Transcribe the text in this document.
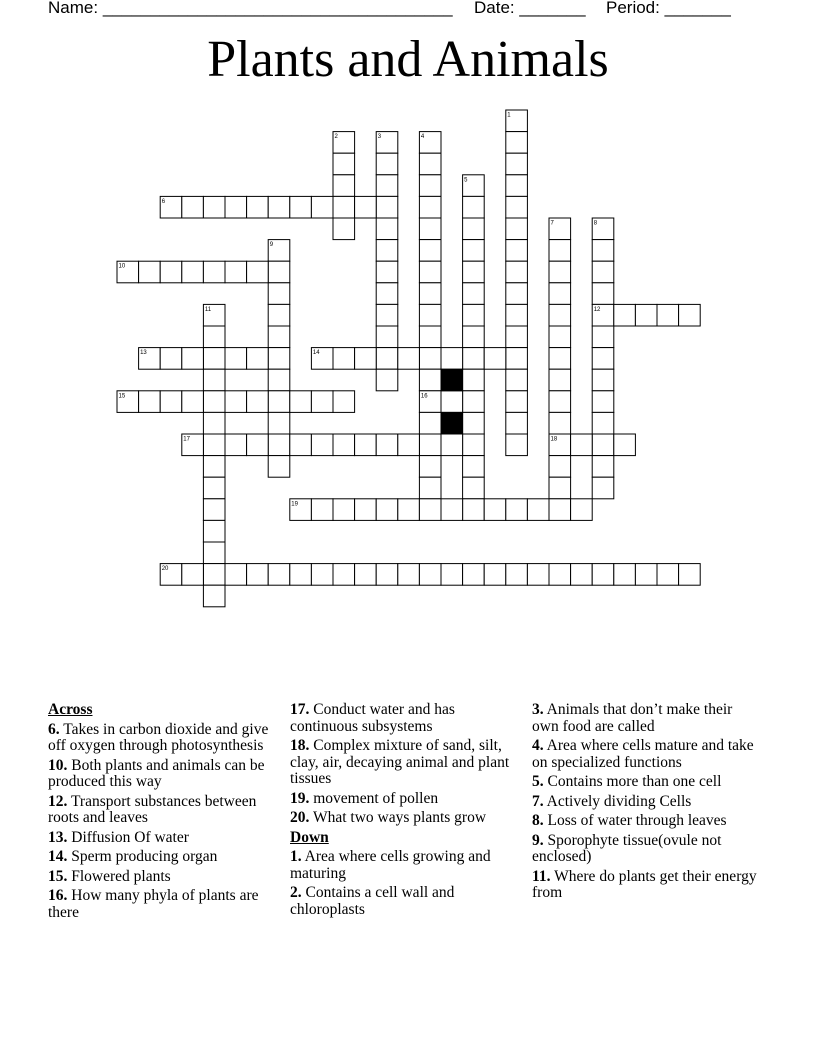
Name: _____________________________________ Date: _______ Period: _______
Plants and Animals
1
2	3	4
5
6
7	8
9
10
11	12
13	14
15	16
17	18
19
20
Across
6. Takes in carbon dioxide and give off oxygen through photosynthesis
10. Both plants and animals can be produced this way
12. Transport substances between roots and leaves
13. Diffusion Of water
14. Sperm producing organ
15. Flowered plants
16. How many phyla of plants are there
17. Conduct water and has continuous subsystems
18. Complex mixture of sand, silt, clay, air, decaying animal and plant tissues
19. movement of pollen
20. What two ways plants grow
Down
1. Area where cells growing and maturing
2. Contains a cell wall and chloroplasts
3. Animals that don’t make their own food are called
4. Area where cells mature and take on specialized functions
5. Contains more than one cell
7. Actively dividing Cells
8. Loss of water through leaves
9. Sporophyte tissue(ovule not enclosed)
11. Where do plants get their energy from
